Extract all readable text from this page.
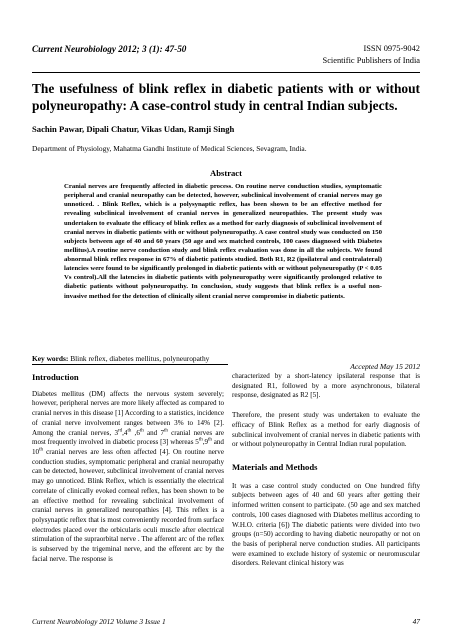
Current Neurobiology 2012; 3 (1): 47-50	ISSN 0975-9042
Scientific Publishers of India
The usefulness of blink reflex in diabetic patients with or without polyneuropathy: A case-control study in central Indian subjects.
Sachin Pawar, Dipali Chatur, Vikas Udan, Ramji Singh
Department of Physiology, Mahatma Gandhi Institute of Medical Sciences, Sevagram, India.
Abstract
Cranial nerves are frequently affected in diabetic process. On routine nerve conduction studies, symptomatic peripheral and cranial neuropathy can be detected, however, subclinical involvement of cranial nerves may go unnoticed. . Blink Reflex, which is a polysynaptic reflex, has been shown to be an effective method for revealing subclinical involvement of cranial nerves in generalized neuropathies. The present study was undertaken to evaluate the efficacy of blink reflex as a method for early diagnosis of subclinical involvement of cranial nerves in diabetic patients with or without polyneuropathy. A case control study was conducted on 150 subjects between age of 40 and 60 years (50 age and sex matched controls, 100 cases diagnosed with Diabetes mellitus).A routine nerve conduction study and blink reflex evaluation was done in all the subjects. We found abnormal blink reflex response in 67% of diabetic patients studied. Both R1, R2 (ipsilateral and contralateral) latencies were found to be significantly prolonged in diabetic patients with or without polyneuropathy (P < 0.05 Vs control).All the latencies in diabetic patients with polyneuropathy were significantly prolonged relative to diabetic patients without polyneuropathy. In conclusion, study suggests that blink reflex is a useful non-invasive method for the detection of clinically silent cranial nerve compromise in diabetic patients.
Key words: Blink reflex, diabetes mellitus, polyneuropathy
Accepted May 15 2012
Introduction

Diabetes mellitus (DM) affects the nervous system severely; however, peripheral nerves are more likely affected as compared to cranial nerves in this disease [1] According to a statistics, incidence of cranial nerve involvement ranges between 3% to 14% [2]. Among the cranial nerves, 3rd,4th ,6th and 7th cranial nerves are most frequently involved in diabetic process [3] whereas 5th,9th and 10th cranial nerves are less often affected [4]. On routine nerve conduction studies, symptomatic peripheral and cranial neuropathy can be detected, however, subclinical involvement of cranial nerves may go unnoticed. Blink Reflex, which is essentially the electrical correlate of clinically evoked corneal reflex, has been shown to be an effective method for revealing subclinical involvement of cranial nerves in generalized neuropathies [4]. This reflex is a polysynaptic reflex that is most conveniently recorded from surface electrodes placed over the orbicularis oculi muscle after electrical stimulation of the supraorbital nerve . The afferent arc of the reflex is subserved by the trigeminal nerve, and the efferent arc by the facial nerve. The response is

characterized by a short-latency ipsilateral response that is designated R1, followed by a more asynchronous, bilateral response, designated as R2 [5].

Therefore, the present study was undertaken to evaluate the efficacy of Blink Reflex as a method for early diagnosis of subclinical involvement of cranial nerves in diabetic patients with or without polyneuropathy in Central Indian rural population.

Materials and Methods

It was a case control study conducted on One hundred fifty subjects between ages of 40 and 60 years after getting their informed written consent to participate. (50 age and sex matched controls, 100 cases diagnosed with Diabetes mellitus according to W.H.O. criteria [6]) The diabetic patients were divided into two groups (n=50) according to having diabetic neuropathy or not on the basis of peripheral nerve conduction studies. All participants were examined to exclude history of systemic or neuromuscular disorders. Relevant clinical history was

Current Neurobiology 2012 Volume 3 Issue 1	47
